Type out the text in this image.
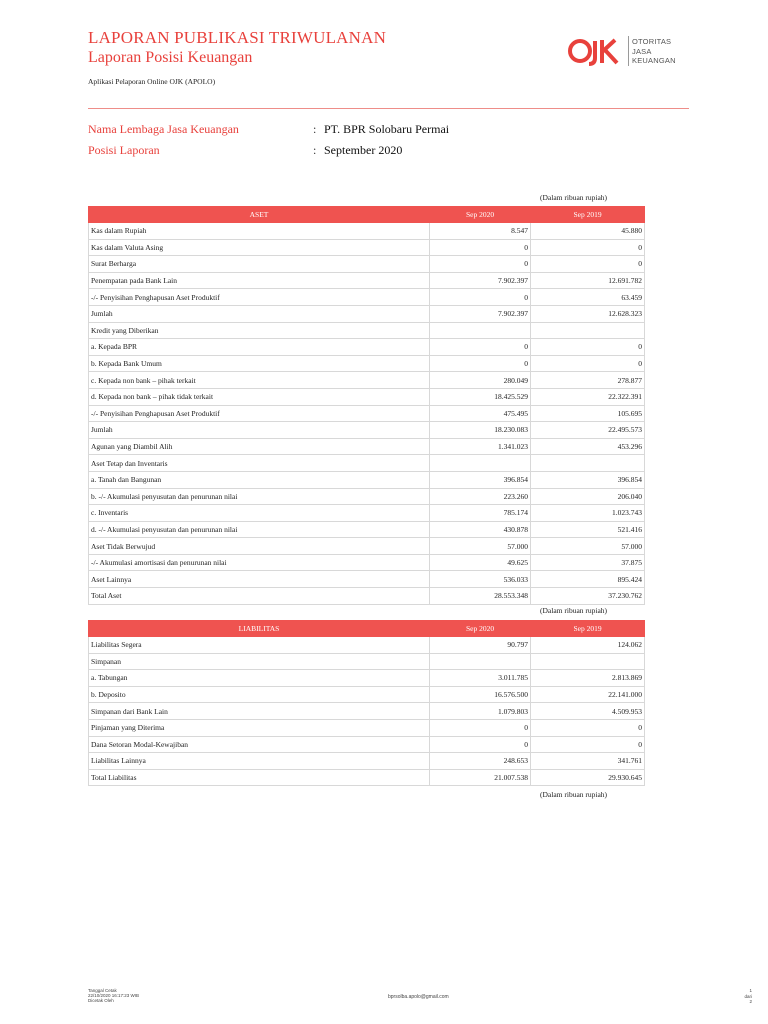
LAPORAN PUBLIKASI TRIWULANAN
Laporan Posisi Keuangan
Aplikasi Pelaporan Online OJK (APOLO)
OJK
OTORITAS
JASA
KEUANGAN
Nama Lembaga Jasa Keuangan	: PT. BPR Solobaru Permai
Posisi Laporan	: September 2020
(Dalam ribuan rupiah)
ASET	Sep 2020	Sep 2019
Kas dalam Rupiah	8.547	45.880
Kas dalam Valuta Asing	0	0
Surat Berharga	0	0
Penempatan pada Bank Lain	7.902.397	12.691.782
-/- Penyisihan Penghapusan Aset Produktif	0	63.459
Jumlah	7.902.397	12.628.323
Kredit yang Diberikan		
a. Kepada BPR	0	0
b. Kepada Bank Umum	0	0
c. Kepada non bank – pihak terkait	280.049	278.877
d. Kepada non bank – pihak tidak terkait	18.425.529	22.322.391
-/- Penyisihan Penghapusan Aset Produktif	475.495	105.695
Jumlah	18.230.083	22.495.573
Agunan yang Diambil Alih	1.341.023	453.296
Aset Tetap dan Inventaris		
a. Tanah dan Bangunan	396.854	396.854
b. -/- Akumulasi penyusutan dan penurunan nilai	223.260	206.040
c. Inventaris	785.174	1.023.743
d. -/- Akumulasi penyusutan dan penurunan nilai	430.878	521.416
Aset Tidak Berwujud	57.000	57.000
-/- Akumulasi amortisasi dan penurunan nilai	49.625	37.875
Aset Lainnya	536.033	895.424
Total Aset	28.553.348	37.230.762
(Dalam ribuan rupiah)
LIABILITAS	Sep 2020	Sep 2019
Liabilitas Segera	90.797	124.062
Simpanan		
a. Tabungan	3.011.785	2.813.869
b. Deposito	16.576.500	22.141.000
Simpanan dari Bank Lain	1.079.803	4.509.953
Pinjaman yang Diterima	0	0
Dana Setoran Modal-Kewajiban	0	0
Liabilitas Lainnya	248.653	341.761
Total Liabilitas	21.007.538	29.930.645
(Dalam ribuan rupiah)
Tanggal Cetak
22/10/2020 16:17:23 WIB
Dicetak Oleh
bprsolba.apolo@gmail.com
1
dari
2
